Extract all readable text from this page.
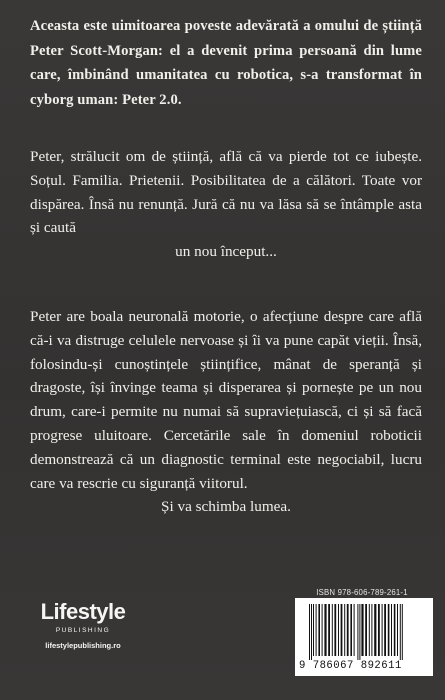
Aceasta este uimitoarea poveste adevărată a omului de știință Peter Scott-Morgan: el a devenit prima persoană din lume care, îmbinând umanitatea cu robotica, s-a transformat în cyborg uman: Peter 2.0.

Peter, strălucit om de știință, află că va pierde tot ce iubește. Soțul. Familia. Prietenii. Posibilitatea de a călători. Toate vor dispărea. Însă nu renunță. Jură că nu va lăsa să se întâmple asta și caută
un nou început...

Peter are boala neuronală motorie, o afecțiune despre care află că-i va distruge celulele nervoase și îi va pune capăt vieții. Însă, folosindu-și cunoștințele științifice, mânat de speranță și dragoste, își învinge teama și disperarea și pornește pe un nou drum, care-i permite nu numai să supraviețuiască, ci și să facă progrese uluitoare. Cercetările sale în domeniul roboticii demonstrează că un diagnostic terminal este negociabil, lucru care va rescrie cu siguranță viitorul.
Și va schimba lumea.

Lifestyle
PUBLISHING
lifestylepublishing.ro
ISBN 978-606-789-261-1
9 786067 892611
